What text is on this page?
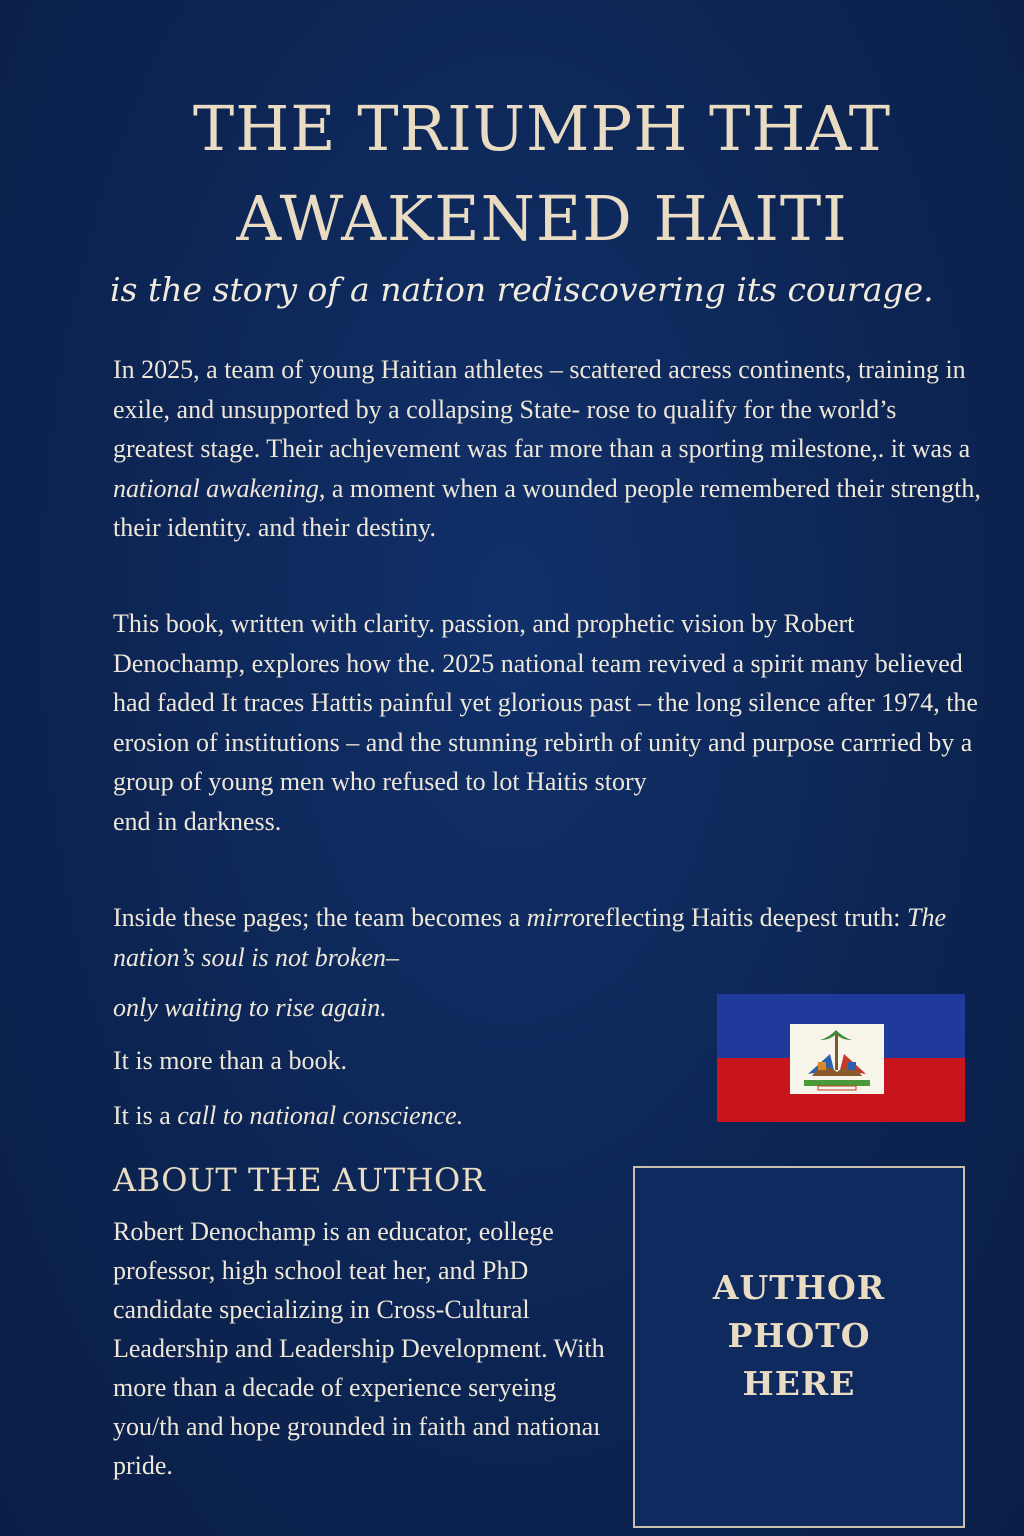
THE TRIUMPH THAT
AWAKENED HAITI

is the story of a nation rediscovering its courage.

In 2025, a team of young Haitian athletes – scattered acress continents, training in exile, and unsupported by a collapsing State- rose to qualify for the world’s greatest stage. Their achjevement was far more than a sporting milestone,. it was a national awakening, a moment when a wounded people remembered their strength, their identity. and their destiny.

This book, written with clarity. passion, and prophetic vision by Robert Denochamp, explores how the. 2025 national team revived a spirit many believed had faded It traces Hattis painful yet glorious past – the long silence after 1974, the erosion of institutions – and the stunning rebirth of unity and purpose carrried by a group of young men who refused to lot Haitis story
end in darkness.

Inside these pages; the team becomes a mirroreflecting Haitis deepest truth: The nation’s soul is not broken–

only waiting to rise again.

It is more than a book.

It is a call to national conscience.

ABOUT THE AUTHOR

Robert Denochamp is an educator, eollege professor, high school teat her, and PhD candidate specializing in Cross-Cultural Leadership and Leadership Development. With more than a decade of experience seryeing you/th and hope grounded in faith and nationaı pride.

AUTHOR
PHOTO
HERE
